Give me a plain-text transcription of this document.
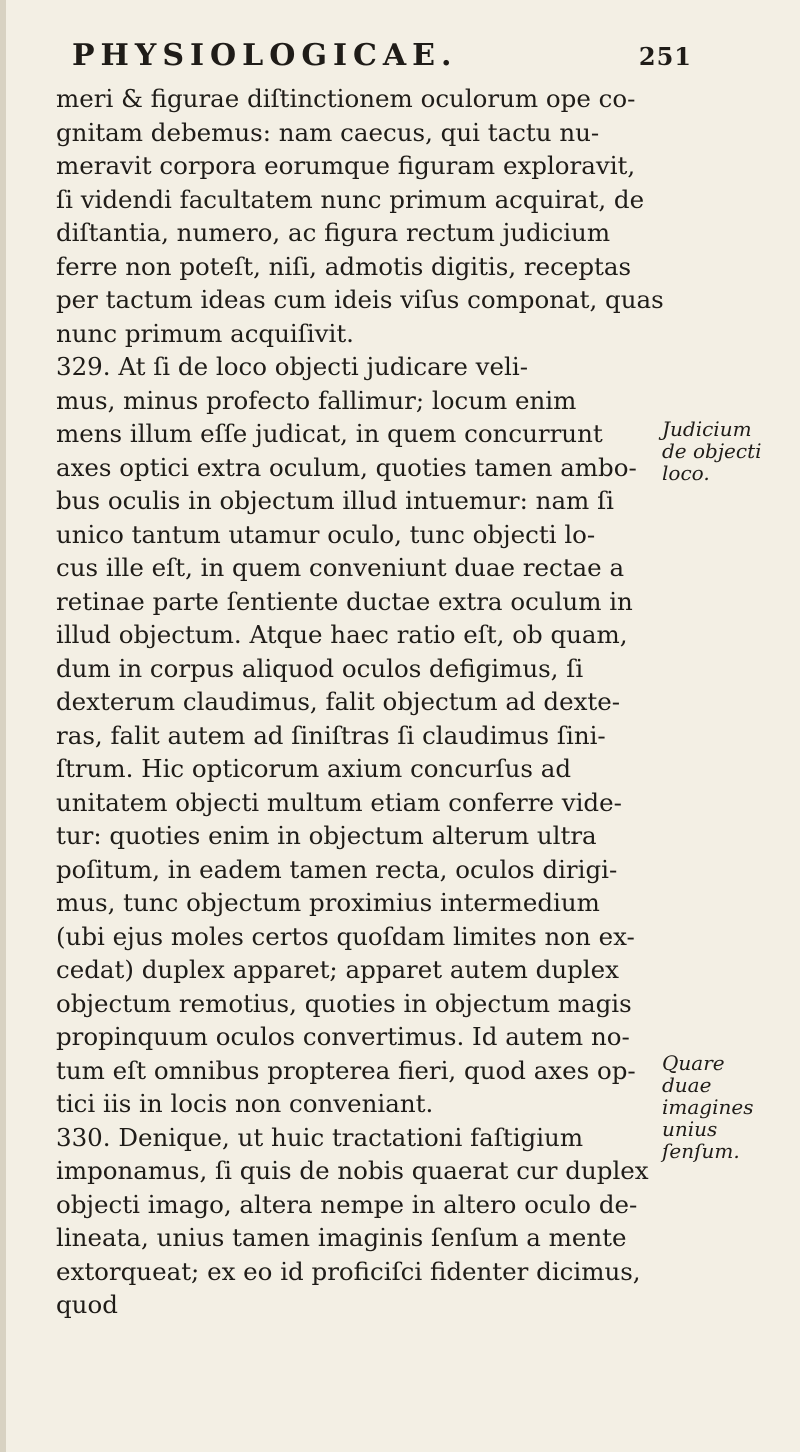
PHYSIOLOGICAE.	251
meri & figurae diſtinctionem oculorum ope co-
gnitam debemus: nam caecus, qui tactu nu-
meravit corpora eorumque figuram exploravit,
ſi videndi facultatem nunc primum acquirat, de
diſtantia, numero, ac figura rectum judicium
ferre non poteſt, niſi, admotis digitis, receptas
per tactum ideas cum ideis viſus componat, quas
nunc primum acquiſivit.
329. At ſi de loco objecti judicare veli-
mus, minus profecto fallimur; locum enim
mens illum eſſe judicat, in quem concurrunt
axes optici extra oculum, quoties tamen ambo-
bus oculis in objectum illud intuemur: nam ſi
unico tantum utamur oculo, tunc objecti lo-
cus ille eſt, in quem conveniunt duae rectae a
retinae parte ſentiente ductae extra oculum in
illud objectum. Atque haec ratio eſt, ob quam,
dum in corpus aliquod oculos defigimus, ſi
dexterum claudimus, falit objectum ad dexte-
ras, falit autem ad ſiniſtras ſi claudimus ſini-
ſtrum. Hic opticorum axium concurſus ad
unitatem objecti multum etiam conferre vide-
tur: quoties enim in objectum alterum ultra
poſitum, in eadem tamen recta, oculos dirigi-
mus, tunc objectum proximius intermedium
(ubi ejus moles certos quoſdam limites non ex-
cedat) duplex apparet; apparet autem duplex
objectum remotius, quoties in objectum magis
propinquum oculos convertimus. Id autem no-
tum eſt omnibus propterea fieri, quod axes op-
tici iis in locis non conveniant.
330. Denique, ut huic tractationi faſtigium
imponamus, ſi quis de nobis quaerat cur duplex
objecti imago, altera nempe in altero oculo de-
lineata, unius tamen imaginis ſenſum a mente
extorqueat; ex eo id proficiſci fidenter dicimus,
quod
Judicium de objecti loco.
Quare duae imagines unius ſenſum.
